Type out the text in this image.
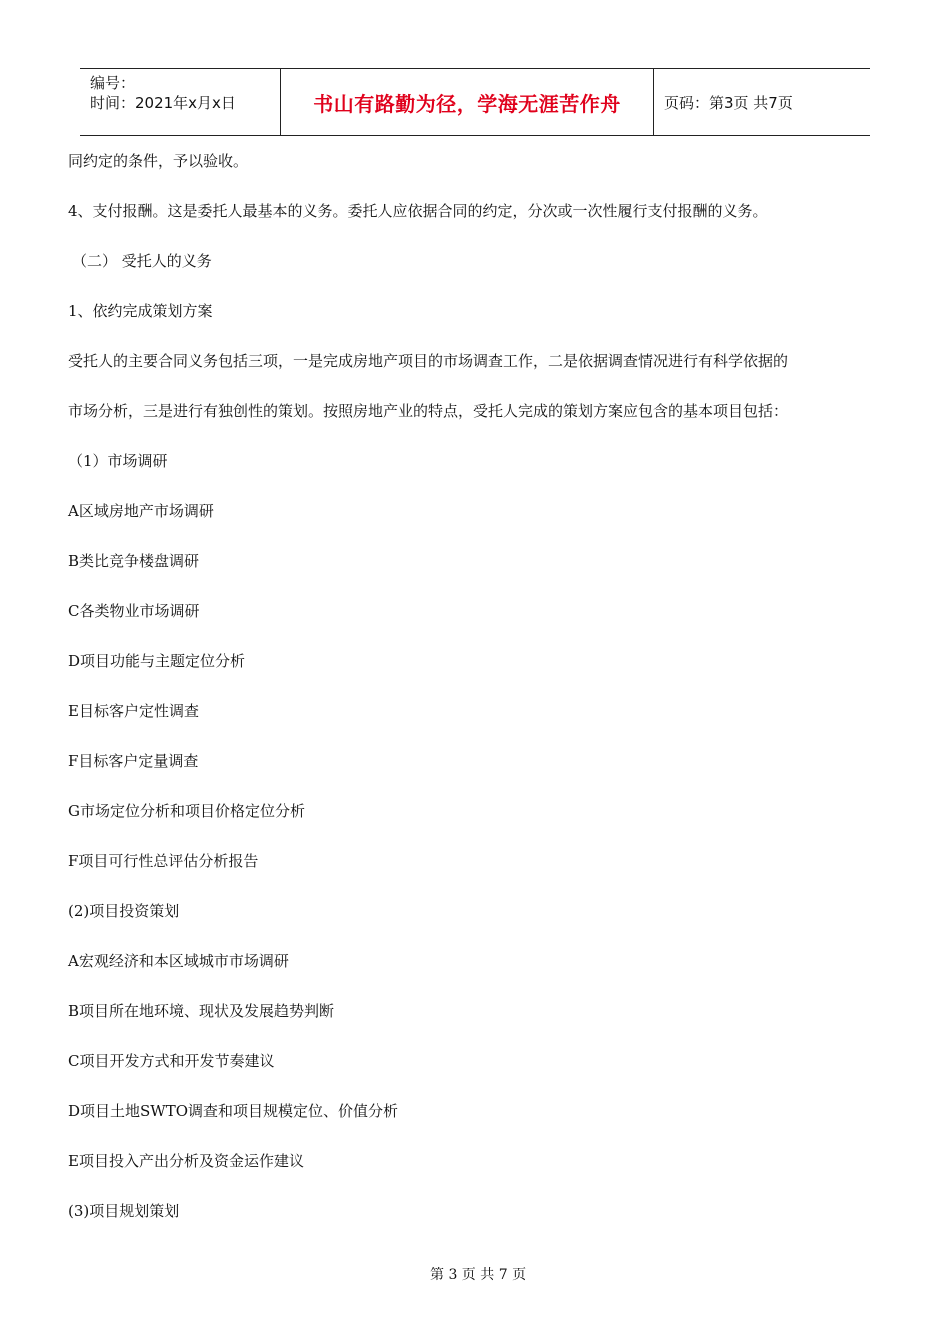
编号：
时间：2021年x月x日	书山有路勤为径，学海无涯苦作舟	页码：第3页 共7页

同约定的条件，予以验收。

4、支付报酬。这是委托人最基本的义务。委托人应依据合同的约定，分次或一次性履行支付报酬的义务。

（二） 受托人的义务

1、依约完成策划方案

受托人的主要合同义务包括三项，一是完成房地产项目的市场调查工作，二是依据调查情况进行有科学依据的

市场分析，三是进行有独创性的策划。按照房地产业的特点，受托人完成的策划方案应包含的基本项目包括：

（1）市场调研

A区域房地产市场调研

B类比竞争楼盘调研

C各类物业市场调研

D项目功能与主题定位分析

E目标客户定性调查

F目标客户定量调查

G市场定位分析和项目价格定位分析

F项目可行性总评估分析报告

(2)项目投资策划

A宏观经济和本区域城市市场调研

B项目所在地环境、现状及发展趋势判断

C项目开发方式和开发节奏建议

D项目土地SWTO调查和项目规模定位、价值分析

E项目投入产出分析及资金运作建议

(3)项目规划策划

第 3 页 共 7 页
